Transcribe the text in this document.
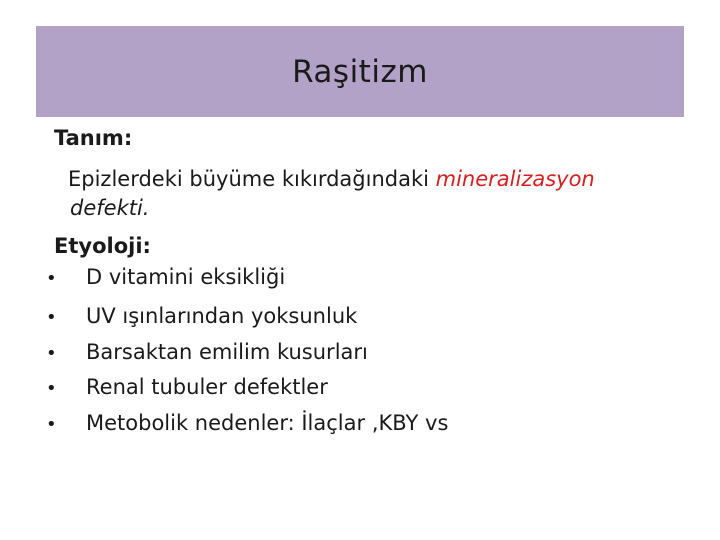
Raşitizm
Tanım:
Epizlerdeki büyüme kıkırdağındaki mineralizasyon
defekti.
Etyoloji:
• D vitamini eksikliği
• UV ışınlarından yoksunluk
• Barsaktan emilim kusurları
• Renal tubuler defektler
• Metobolik nedenler: İlaçlar ,KBY vs
